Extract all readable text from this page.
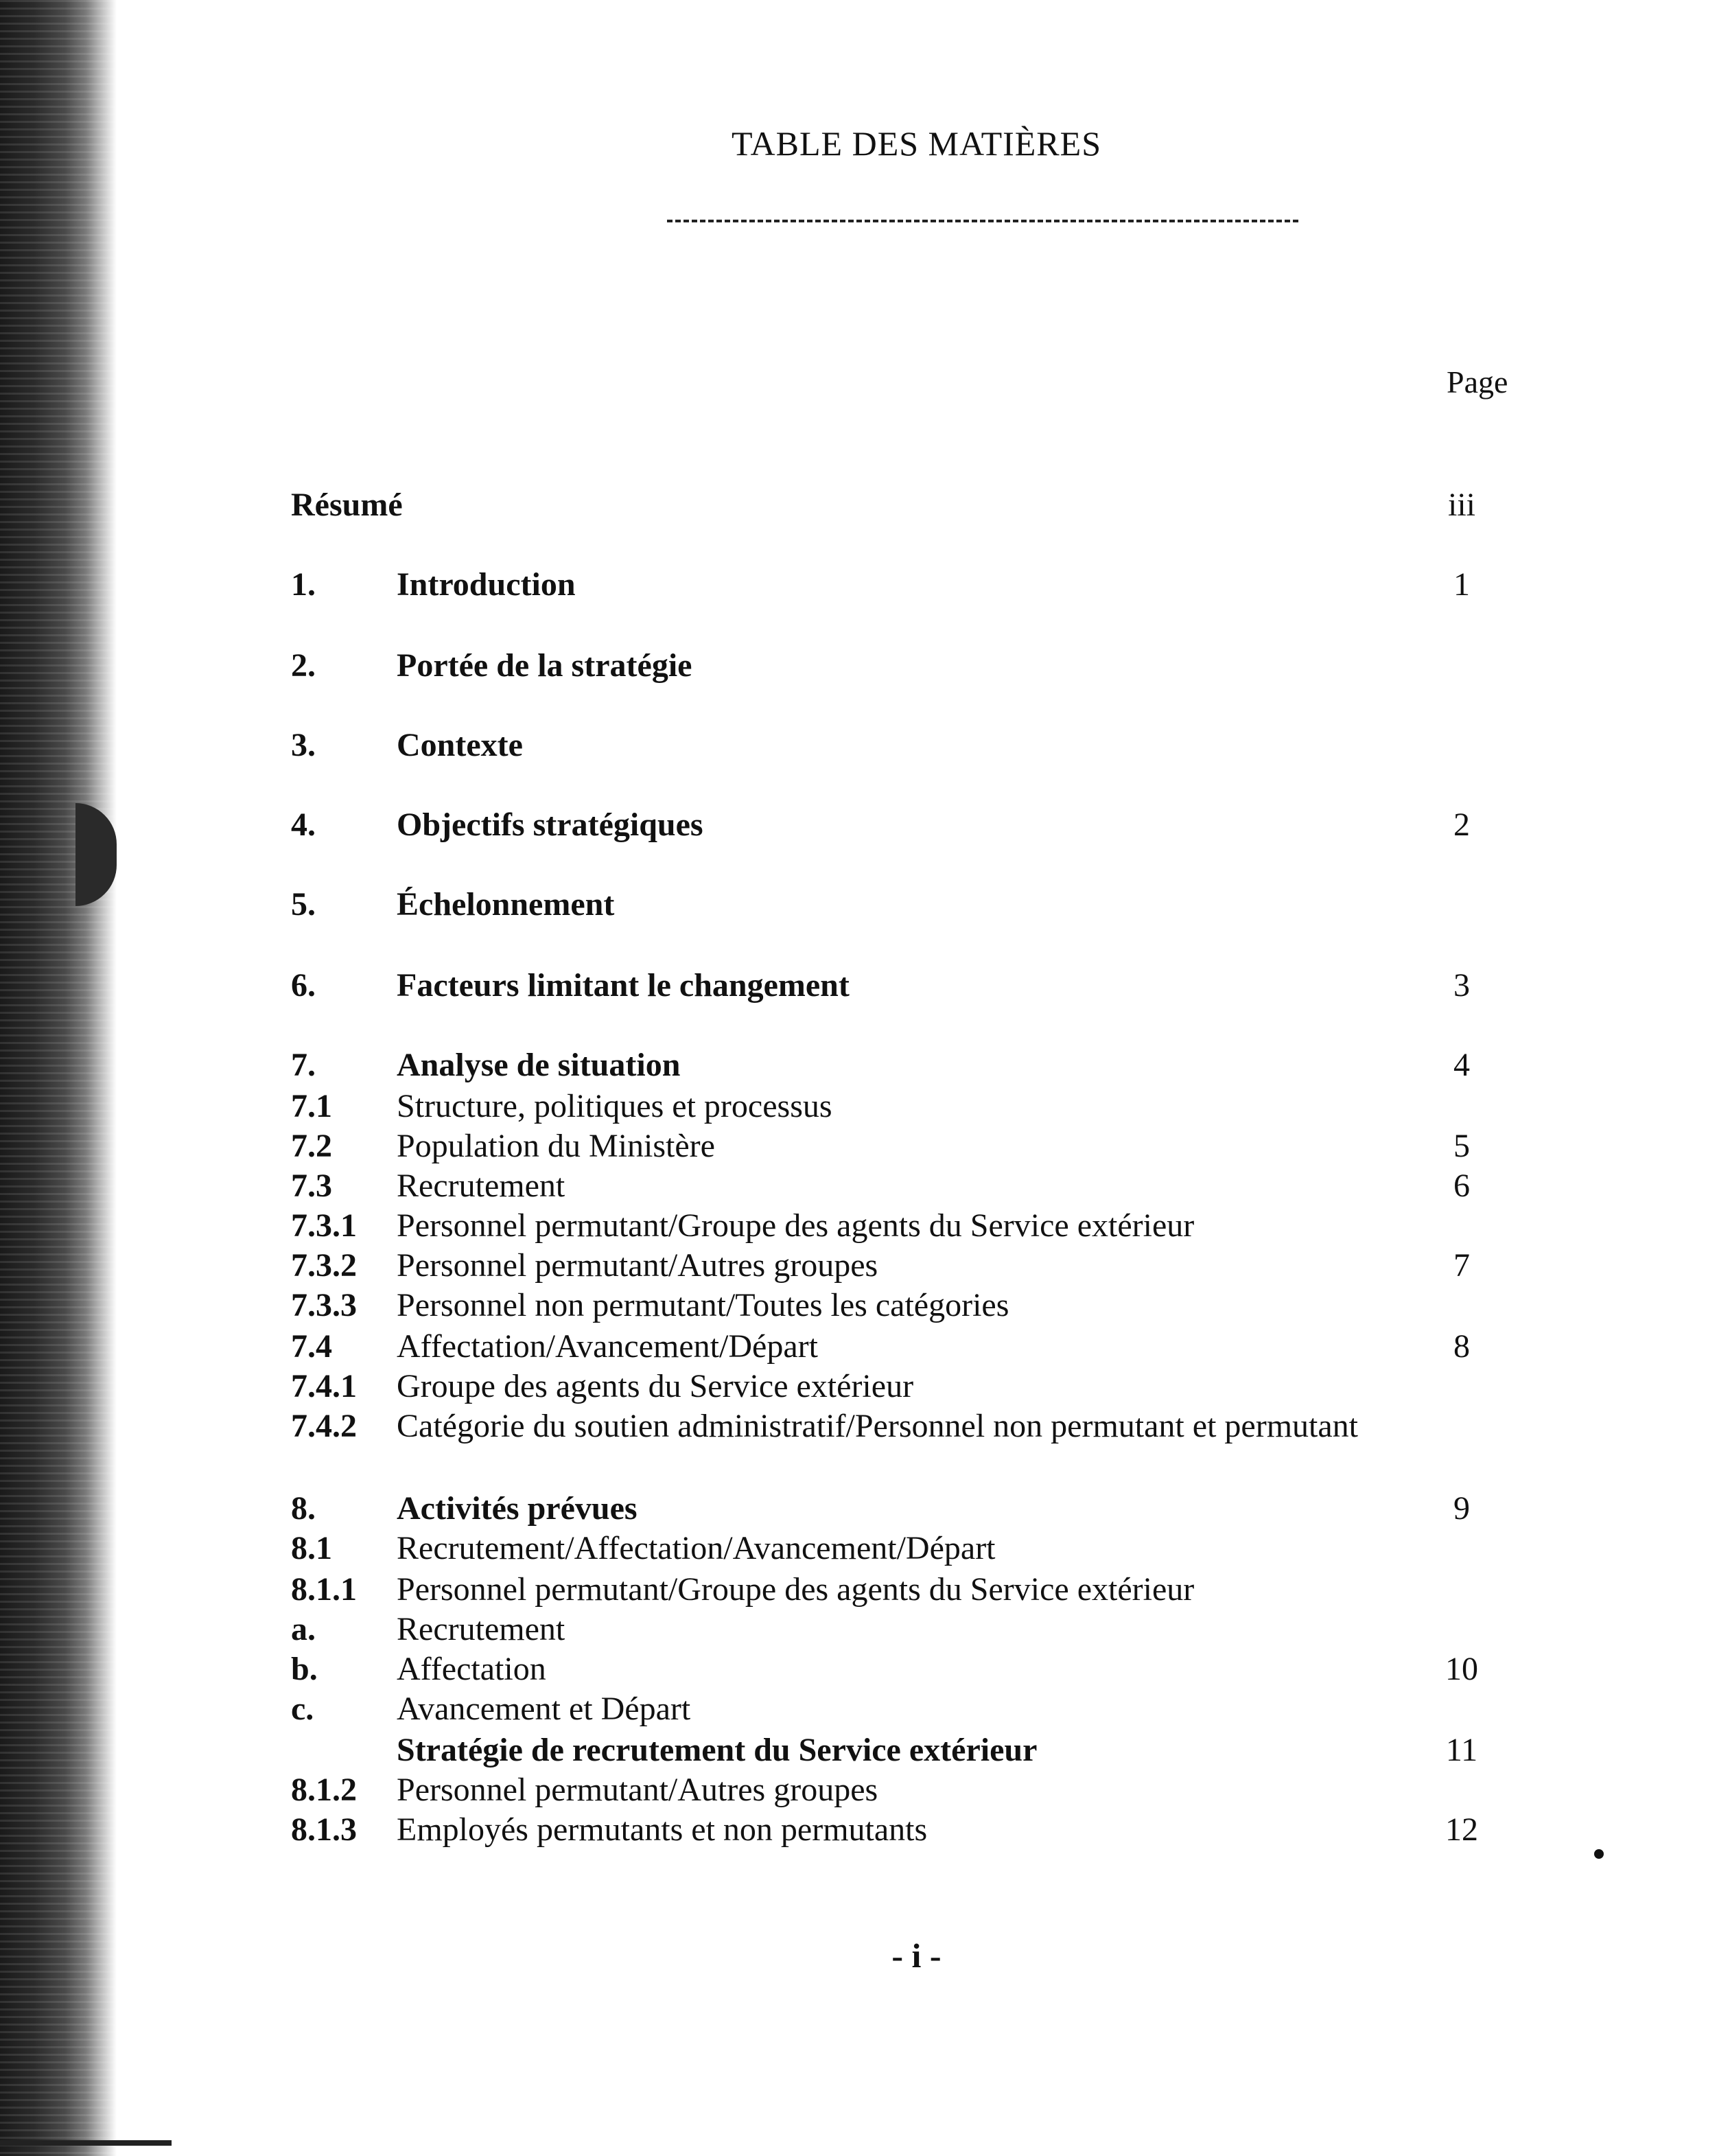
TABLE DES MATIÈRES
Page
Résumé	iii
1. Introduction	1
2. Portée de la stratégie
3. Contexte
4. Objectifs stratégiques	2
5. Échelonnement
6. Facteurs limitant le changement	3
7. Analyse de situation	4
7.1 Structure, politiques et processus
7.2 Population du Ministère	5
7.3 Recrutement	6
7.3.1 Personnel permutant/Groupe des agents du Service extérieur
7.3.2 Personnel permutant/Autres groupes	7
7.3.3 Personnel non permutant/Toutes les catégories
7.4 Affectation/Avancement/Départ	8
7.4.1 Groupe des agents du Service extérieur
7.4.2 Catégorie du soutien administratif/Personnel non permutant et permutant
8. Activités prévues	9
8.1 Recrutement/Affectation/Avancement/Départ
8.1.1 Personnel permutant/Groupe des agents du Service extérieur
a. Recrutement
b. Affectation	10
c.	Avancement et Départ
Stratégie de recrutement du Service extérieur	11
8.1.2 Personnel permutant/Autres groupes
8.1.3 Employés permutants et non permutants	12
- i -
